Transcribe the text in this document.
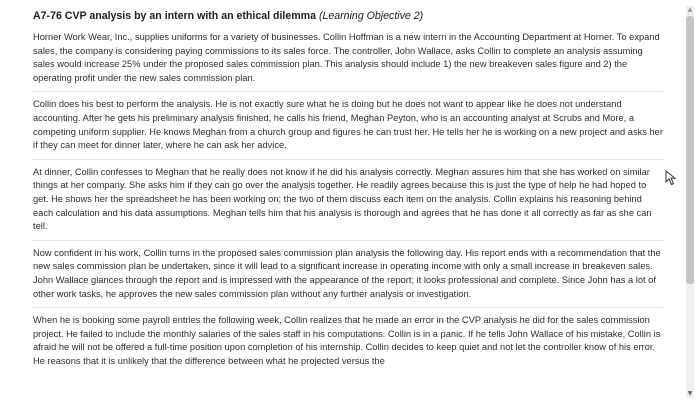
A7-76 CVP analysis by an intern with an ethical dilemma (Learning Objective 2)

Horner Work Wear, Inc., supplies uniforms for a variety of businesses. Collin Hoffman is a new intern in the Accounting Department at Horner. To expand sales, the company is considering paying commissions to its sales force. The controller, John Wallace, asks Collin to complete an analysis assuming sales would increase 25% under the proposed sales commission plan. This analysis should include 1) the new breakeven sales figure and 2) the operating profit under the new sales commission plan.

Collin does his best to perform the analysis. He is not exactly sure what he is doing but he does not want to appear like he does not understand accounting. After he gets his preliminary analysis finished, he calls his friend, Meghan Peyton, who is an accounting analyst at Scrubs and More, a competing uniform supplier. He knows Meghan from a church group and figures he can trust her. He tells her he is working on a new project and asks her if they can meet for dinner later, where he can ask her advice.

At dinner, Collin confesses to Meghan that he really does not know if he did his analysis correctly. Meghan assures him that she has worked on similar things at her company. She asks him if they can go over the analysis together. He readily agrees because this is just the type of help he had hoped to get. He shows her the spreadsheet he has been working on; the two of them discuss each item on the analysis. Collin explains his reasoning behind each calculation and his data assumptions. Meghan tells him that his analysis is thorough and agrees that he has done it all correctly as far as she can tell.

Now confident in his work, Collin turns in the proposed sales commission plan analysis the following day. His report ends with a recommendation that the new sales commission plan be undertaken, since it will lead to a significant increase in operating income with only a small increase in breakeven sales. John Wallace glances through the report and is impressed with the appearance of the report; it looks professional and complete. Since John has a lot of other work tasks, he approves the new sales commission plan without any further analysis or investigation.

When he is booking some payroll entries the following week, Collin realizes that he made an error in the CVP analysis he did for the sales commission project. He failed to include the monthly salaries of the sales staff in his computations. Collin is in a panic. If he tells John Wallace of his mistake, Collin is afraid he will not be offered a full-time position upon completion of his internship. Collin decides to keep quiet and not let the controller know of his error. He reasons that it is unlikely that the difference between what he projected versus the

▲
▼
